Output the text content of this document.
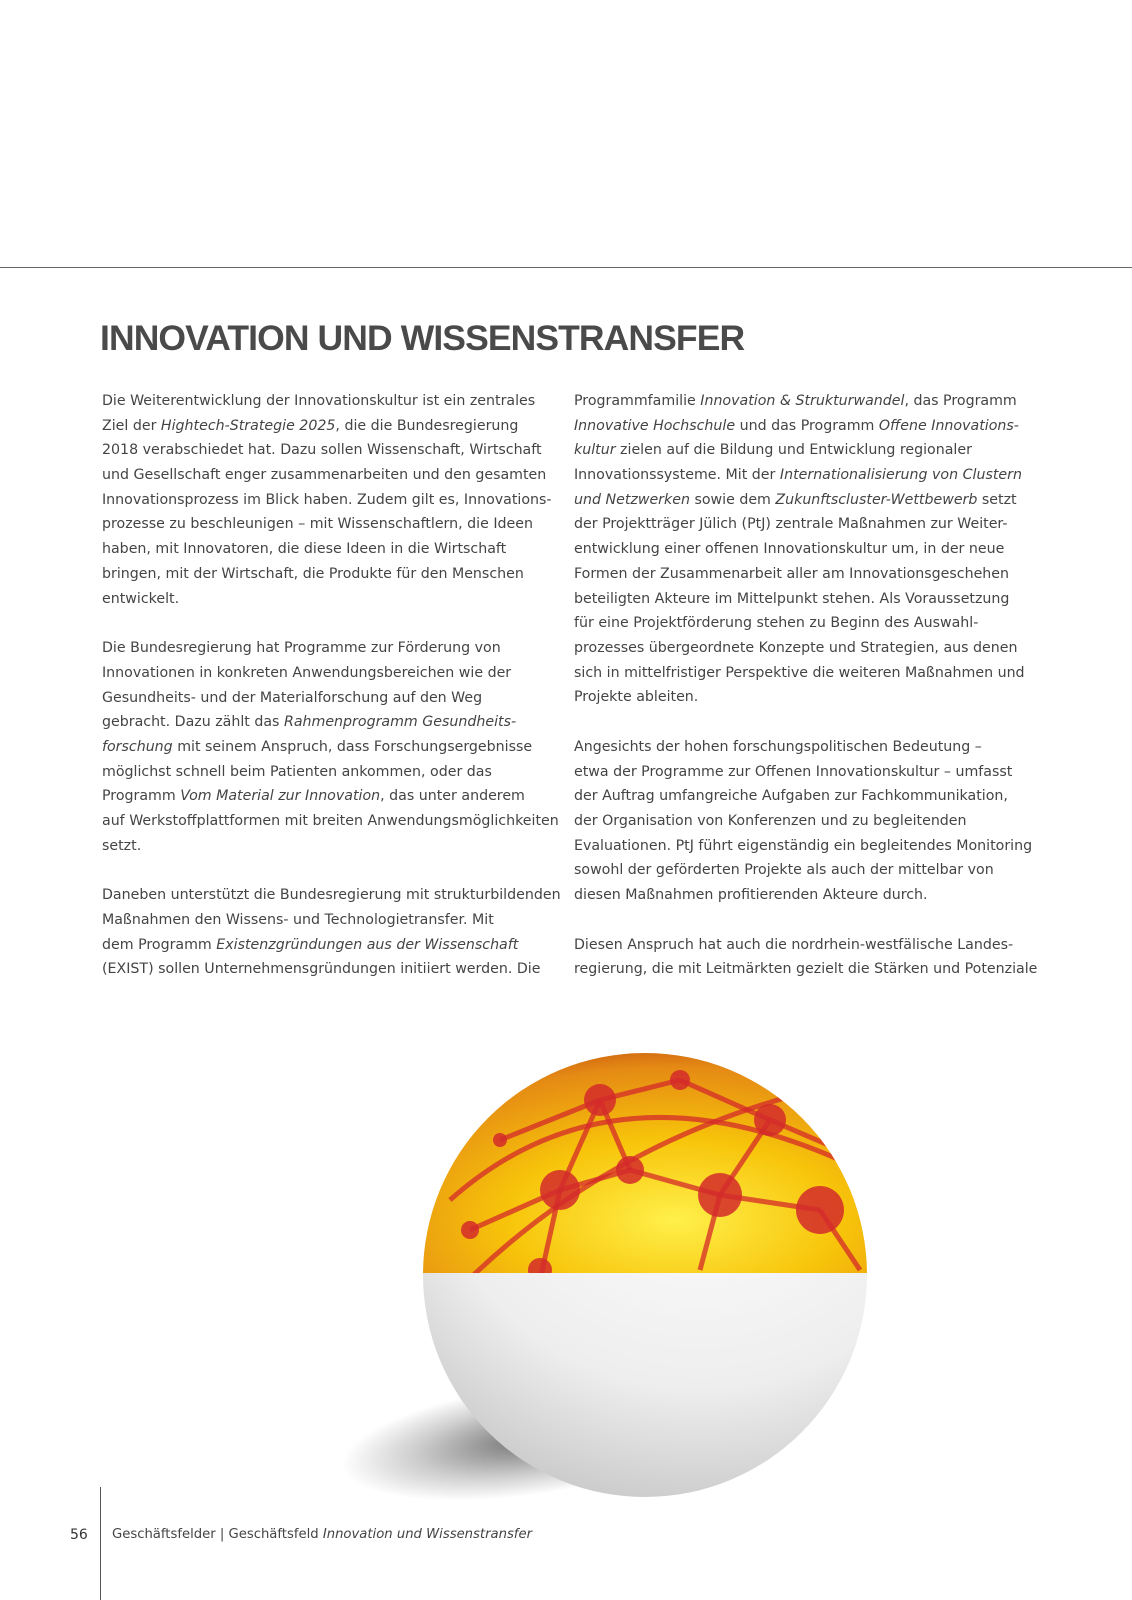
INNOVATION UND WISSENSTRANSFER
Die Weiterentwicklung der Innovationskultur ist ein zentrales
Ziel der Hightech-Strategie 2025, die die Bundesregierung
2018 verabschiedet hat. Dazu sollen Wissenschaft, Wirtschaft
und Gesellschaft enger zusammenarbeiten und den gesamten
Innovationsprozess im Blick haben. Zudem gilt es, Innovations-
prozesse zu beschleunigen – mit Wissenschaftlern, die Ideen
haben, mit Innovatoren, die diese Ideen in die Wirtschaft
bringen, mit der Wirtschaft, die Produkte für den Menschen
entwickelt.
Die Bundesregierung hat Programme zur Förderung von
Innovationen in konkreten Anwendungsbereichen wie der
Gesundheits- und der Materialforschung auf den Weg
gebracht. Dazu zählt das Rahmenprogramm Gesundheits-
forschung mit seinem Anspruch, dass Forschungsergebnisse
möglichst schnell beim Patienten ankommen, oder das
Programm Vom Material zur Innovation, das unter anderem
auf Werkstoffplattformen mit breiten Anwendungsmöglichkeiten
setzt.
Daneben unterstützt die Bundesregierung mit strukturbildenden
Maßnahmen den Wissens- und Technologietransfer. Mit
dem Programm Existenzgründungen aus der Wissenschaft
(EXIST) sollen Unternehmensgründungen initiiert werden. Die
Programmfamilie Innovation & Strukturwandel, das Programm
Innovative Hochschule und das Programm Offene Innovations-
kultur zielen auf die Bildung und Entwicklung regionaler
Innovationssysteme. Mit der Internationalisierung von Clustern
und Netzwerken sowie dem Zukunftscluster-Wettbewerb setzt
der Projektträger Jülich (PtJ) zentrale Maßnahmen zur Weiter-
entwicklung einer offenen Innovationskultur um, in der neue
Formen der Zusammenarbeit aller am Innovationsgeschehen
beteiligten Akteure im Mittelpunkt stehen. Als Voraussetzung
für eine Projektförderung stehen zu Beginn des Auswahl-
prozesses übergeordnete Konzepte und Strategien, aus denen
sich in mittelfristiger Perspektive die weiteren Maßnahmen und
Projekte ableiten.
Angesichts der hohen forschungspolitischen Bedeutung –
etwa der Programme zur Offenen Innovationskultur – umfasst
der Auftrag umfangreiche Aufgaben zur Fachkommunikation,
der Organisation von Konferenzen und zu begleitenden
Evaluationen. PtJ führt eigenständig ein begleitendes Monitoring
sowohl der geförderten Projekte als auch der mittelbar von
diesen Maßnahmen profitierenden Akteure durch.
Diesen Anspruch hat auch die nordrhein-westfälische Landes-
regierung, die mit Leitmärkten gezielt die Stärken und Potenziale
56 Geschäftsfelder | Geschäftsfeld Innovation und Wissenstransfer
